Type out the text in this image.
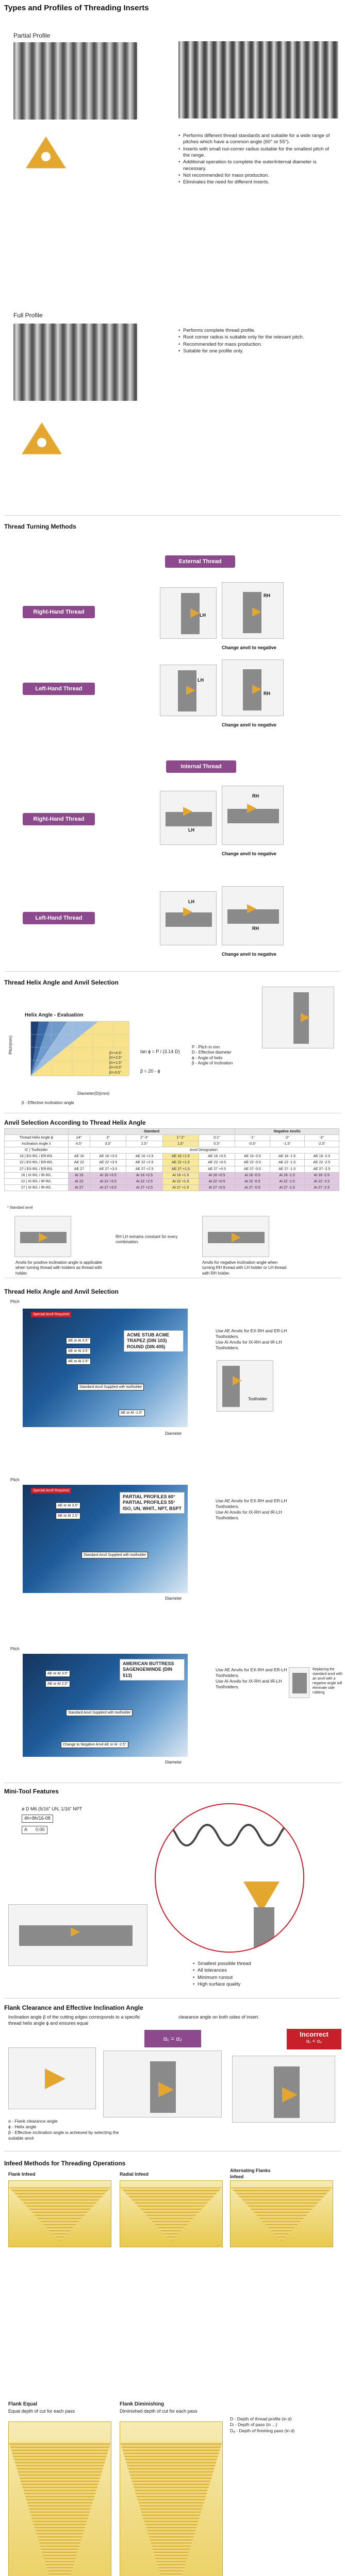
Types and Profiles of Threading Inserts
Partial Profile
• Performs different thread standards and suitable for a wide range of pitches which have a common angle (60° or 55°).
• Inserts with small nut-corner radius suitable for the smallest pitch of the range.
• Additional operation to complete the outer/internal diameter is necessary.
• Not recommended for mass production.
• Eliminates the need for different inserts.
Full Profile
• Performs complete thread profile.
• Root corner radius is suitable only for the relevant pitch.
• Recommended for mass production.
• Suitable for one profile only.
Thread Turning Methods
External Thread
Right-Hand Thread	LH
RH
Change anvil to negative
Left-Hand Thread
LH
RH
Change anvil to negative
Internal Thread
Right-Hand Thread
LH
RH
Change anvil to negative
Left-Hand Thread
LH
RH
Change anvil to negative
Thread Helix Angle and Anvil Selection
Helix Angle - Evaluation
Pitch(mm)
Diameter(D)(mm)
β=+4.5°
β=+2.5°
β=+1.5°
β=+0.5°
β=-0.5°
tan ϕ = P / (3.14·D)
P - Pitch in mm
D - Effective diameter
ϕ - Angle of helix
β - Angle of Inclination
β = 20 - ϕ
β - Effective inclination angle
Anvil Selection According to Thread Helix Angle
	Standard					Negative Anvils		
Thread Helix Angle ϕ	≥4°	3°	2°-3°	1°-2°	0-1°	-1°	-2°	-3°
Inclination Angle λ	4.5°	3.5°	2.5°	1.5°	0.5°	-0.5°	-1.5°	-2.5°
IC | Toolholder	Anvil Designation							
16 | EX-R/L / ER-R/L	AE 16	AE 16 +3.5	AE 16 +2.5	AE 16 +1.5	AE 16 +0.5	AE 16 -0.5	AE 16 -1.5	AE 16 -2.5
22 | EX-R/L / ER-R/L	AE 22	AE 22 +3.5	AE 22 +2.5	AE 22 +1.5	AE 22 +0.5	AE 22 -0.5	AE 22 -1.5	AE 22 -2.5
27 | EX-R/L / ER-R/L	AE 27	AE 27 +3.5	AE 27 +2.5	AE 27 +1.5	AE 27 +0.5	AE 27 -0.5	AE 27 -1.5	AE 27 -2.5
16 | IX-R/L / IR-R/L	AI 16	AI 16 +3.5	AI 16 +2.5	AI 16 +1.5	AI 16 +0.5	AI 16 -0.5	AI 16 -1.5	AI 16 -2.5
22 | IX-R/L / IR-R/L	AI 22	AI 22 +3.5	AI 22 +2.5	AI 22 +1.5	AI 22 +0.5	AI 22 -0.5	AI 22 -1.5	AI 22 -2.5
27 | IX-R/L / IR-R/L	AI 27	AI 27 +3.5	AI 27 +2.5	AI 27 +1.5	AI 27 +0.5	AI 27 -0.5	AI 27 -1.5	AI 27 -2.5
* Standard anvil
RH LH remains constant for every combination.
Anvils for positive inclination angle is applicable when turning thread with holders as thread with holder.
Anvils for negative inclination angle when turning RH thread with LH holder or LH thread with RH holder.
Thread Helix Angle and Anvil Selection
Pitch
Special Anvil Required
AE or AI 4.5°
AE or AI 3.5°
AE or AI 2.5°
Standard Anvil Supplied with toolholder
AE or AI -1.5°
ACME STUB ACME TRAPEZ (DIN 103) ROUND (DIN 405)
Diameter
Use AE Anvils for EX-RH and ER-LH Toolholders.
Use AI Anvils for IX-RH and IR-LH Toolholders.
Toolholder
Pitch
Special Anvil Required
AE or AI 3.5°
AE or AI 2.5°
Standard Anvil Supplied with toolholder
PARTIAL PROFILES 60° PARTIAL PROFILES 55° ISO, UN, WHIT., NPT, BSPT
Diameter
Use AE Anvils for EX-RH and ER-LH Toolholders.
Use AI Anvils for IX-RH and IR-LH Toolholders.
Pitch
AE or AI 3.5°
AE or AI 2.5°
Standard Anvil Supplied with toolholder
Change to Negative Anvil AE or AI -2.5°
AMERICAN BUTTRESS SAGENGEWINDE (DIN 513)
Diameter
Use AE Anvils for EX-RH and ER-LH Toolholders.
Use AI Anvils for IX-RH and IR-LH Toolholders.
Replacing the standard anvil with an anvil with a negative angle will eliminate side rubbing
Mini-Tool Features
ø D M6 (5/16" UN, 1/16" NPT
4h<8h/16-08
A 0.00
• Smallest possible thread
• All tolerances
• Minimum runout
• High surface quality
Flank Clearance and Effective Inclination Angle
Inclination angle β of the cutting edges corresponds to a specific thread helix angle ϕ and ensures equal
clearance angle on both sides of insert.
α₁ = α₂
Incorrect
α₁ < α₂
α - Flank clearance angle
ϕ - Helix angle
β - Effective inclination angle is achieved by selecting the suitable anvil
Infeed Methods for Threading Operations
Flank Infeed	Radial Infeed
Alternating Flanks Infeed
Flank Equal
Equal depth of cut for each pass
Flank Diminishing
Diminished depth of cut for each pass
D - Depth of thread profile (in d)
Dᵢ - Depth of pass (in ...)
Dᵩ - Depth of finishing pass (in d)
